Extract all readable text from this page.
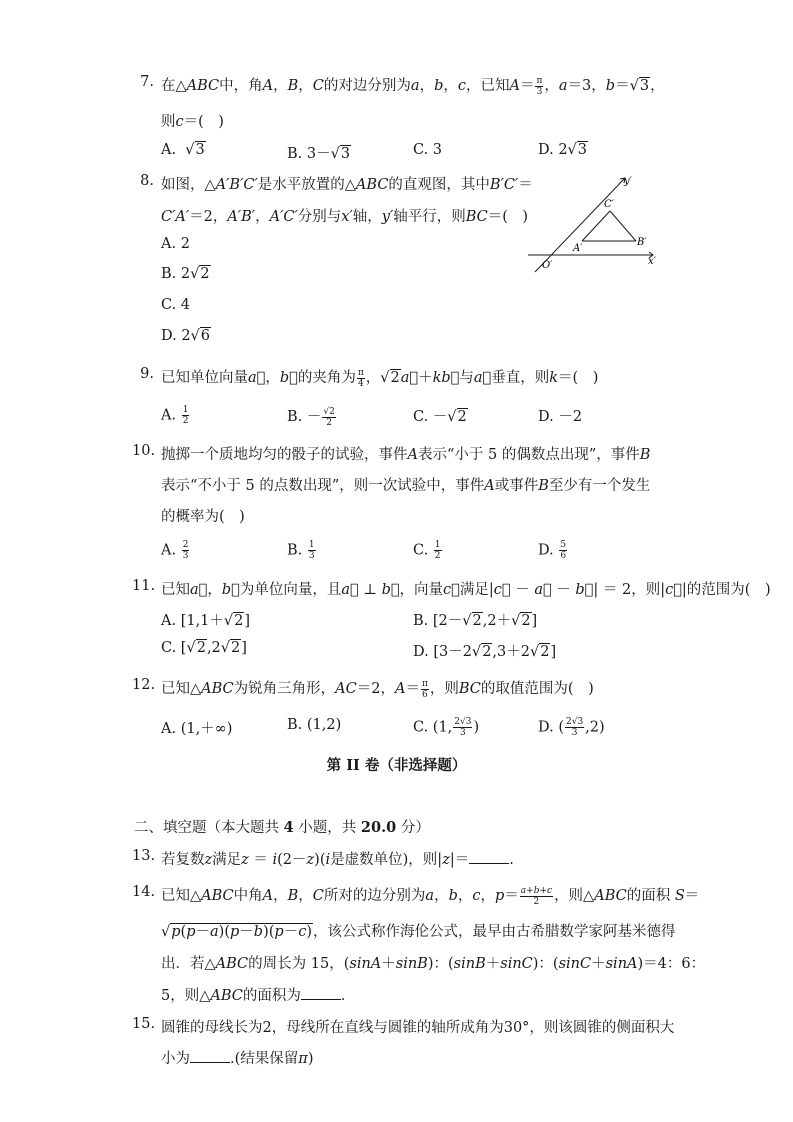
7. 在△ABC中，角A，B，C的对边分别为a，b，c，已知$A= \frac{\pi}{3}$ ，a＝3，b＝√3，
则c＝(　)
A.  √3	B. 3－√3	C. 3	D. 2√3
8. 如图，△A′B′C′是水平放置的△ABC的直观图，其中B′C′＝
C′A′＝2，A′B′，A′C′分别与x′轴，y′轴平行，则BC＝(　)
A. 2
B. 2√2
C. 4
D. 2√6
y′
x′
O′
A′
B′
C′
9. 已知单位向量a⃗，b⃗的夹角为 $\frac{\pi}{4}$ ，√2a⃗＋kb⃗与a⃗垂直，则k＝(　)
A. $\frac{1}{2}$	B. － $\frac{√2}{2}$	C. －√2	D. －2
10. 抛掷一个质地均匀的骰子的试验，事件A表示“小于 5 的偶数点出现”，事件B
表示“不小于 5 的点数出现”，则一次试验中，事件A或事件B至少有一个发生
的概率为(　)
A. $\frac{2}{3}$	B. $\frac{1}{3}$	C. $\frac{1}{2}$	D. $\frac{5}{6}$
11. 已知a⃗，b⃗为单位向量，且a⃗ ⊥ b⃗，向量c⃗满足|c⃗ － a⃗ － b⃗| ＝ 2，则|c⃗|的范围为(　)
A. [1,1＋√2]	B. [2－√2,2＋√2]
C. [√2,2√2]	D. [3－2√2,3＋2√2]
12. 已知△ABC为锐角三角形，AC＝2，$A= \frac{\pi}{6}$ ，则BC的取值范围为(　)
A. (1,＋∞)	B. (1,2)	C. (1, $\frac{2√3}{3}$ )	D. ( $\frac{2√3}{3} ,2$)
第 II 卷（非选择题）
二、填空题（本大题共 4 小题，共 20.0 分）
13. 若复数z满足z ＝ i(2－z)(i是虚数单位)，则|z|＝	.
14. 已知△ABC中角A，B，C所对的边分别为a，b，c，$p= \frac{a+b+c}{2}$ ，则△ABC的面积 S＝
√p(p－a)(p－b)(p－c)，该公式称作海伦公式，最早由古希腊数学家阿基米德得
出．若△ABC的周长为 15，(sinA＋sinB)：(sinB＋sinC)：(sinC＋sinA)＝4：6：
5，则△ABC的面积为	．
15. 圆锥的母线长为2，母线所在直线与圆锥的轴所成角为30°，则该圆锥的侧面积大
小为	.(结果保留π)
